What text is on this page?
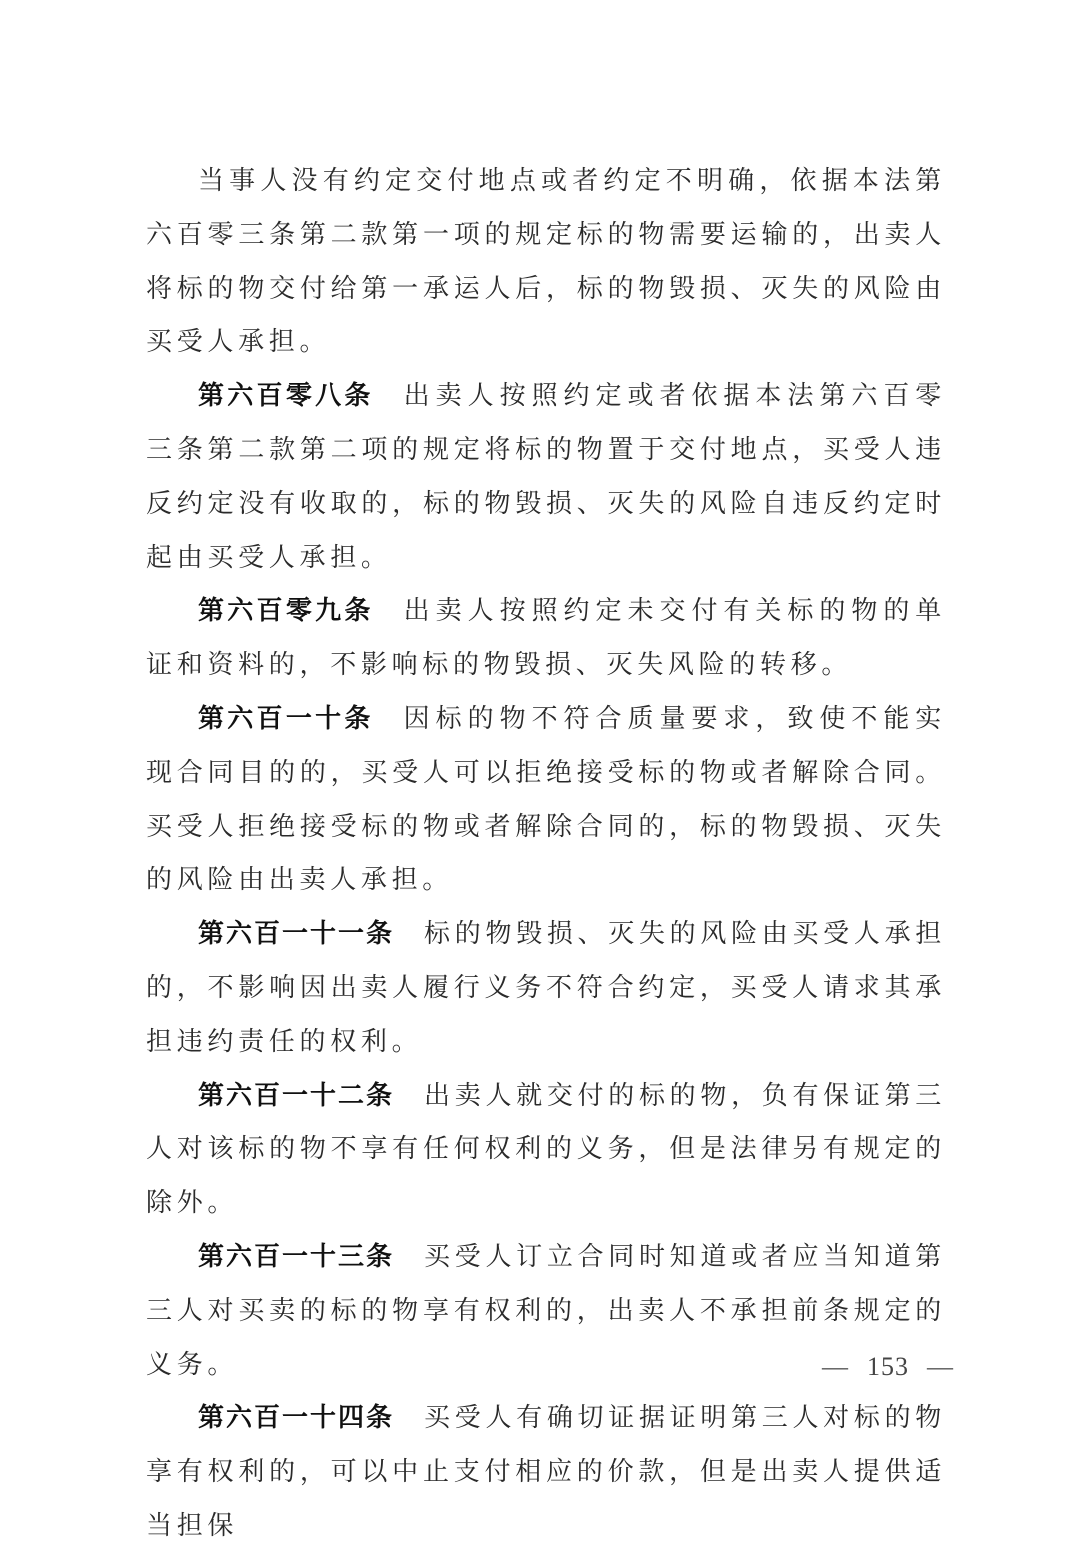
当事人没有约定交付地点或者约定不明确，依据本法第六百零三条第二款第一项的规定标的物需要运输的，出卖人将标的物交付给第一承运人后，标的物毁损、灭失的风险由买受人承担。

第六百零八条 出卖人按照约定或者依据本法第六百零三条第二款第二项的规定将标的物置于交付地点，买受人违反约定没有收取的，标的物毁损、灭失的风险自违反约定时起由买受人承担。

第六百零九条 出卖人按照约定未交付有关标的物的单证和资料的，不影响标的物毁损、灭失风险的转移。

第六百一十条 因标的物不符合质量要求，致使不能实现合同目的的，买受人可以拒绝接受标的物或者解除合同。买受人拒绝接受标的物或者解除合同的，标的物毁损、灭失的风险由出卖人承担。

第六百一十一条 标的物毁损、灭失的风险由买受人承担的，不影响因出卖人履行义务不符合约定，买受人请求其承担违约责任的权利。

第六百一十二条 出卖人就交付的标的物，负有保证第三人对该标的物不享有任何权利的义务，但是法律另有规定的除外。

第六百一十三条 买受人订立合同时知道或者应当知道第三人对买卖的标的物享有权利的，出卖人不承担前条规定的义务。

第六百一十四条 买受人有确切证据证明第三人对标的物享有权利的，可以中止支付相应的价款，但是出卖人提供适当担保

— 153 —
